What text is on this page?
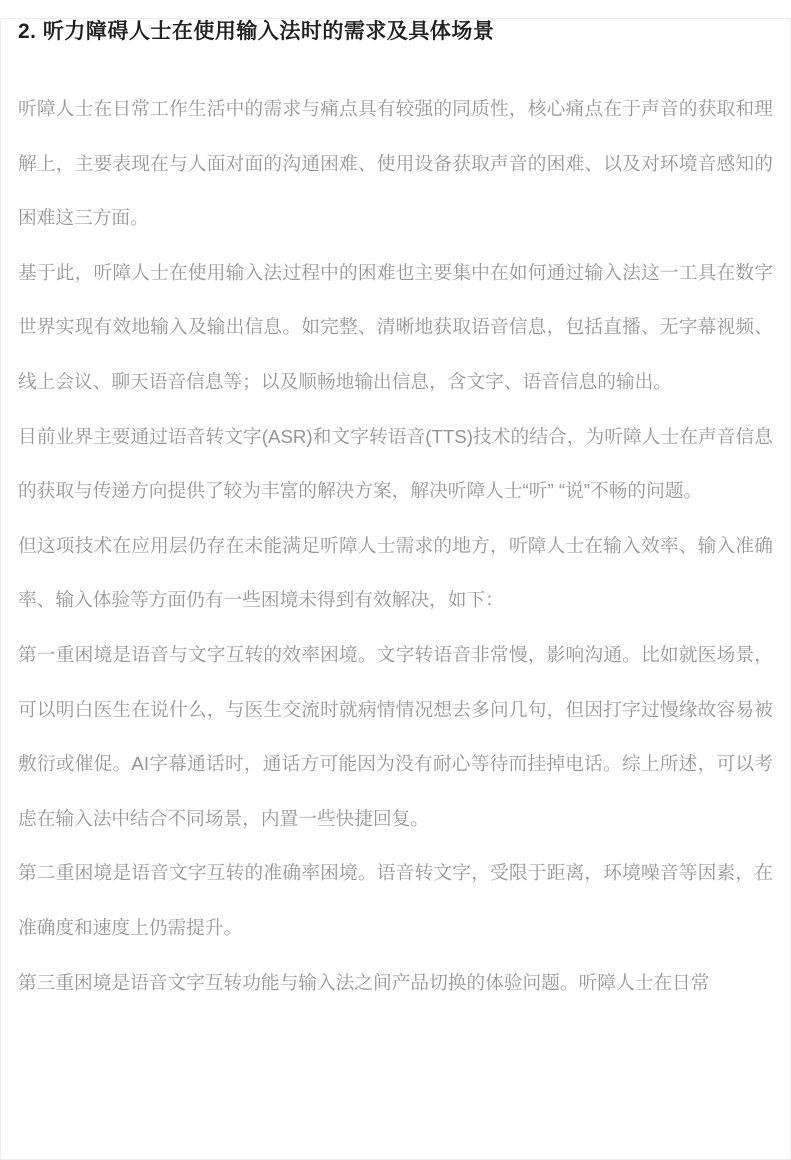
2. 听力障碍人士在使用输入法时的需求及具体场景

听障人士在日常工作生活中的需求与痛点具有较强的同质性，核心痛点在于声音的获取和理解上，主要表现在与人面对面的沟通困难、使用设备获取声音的困难、以及对环境音感知的困难这三方面。

基于此，听障人士在使用输入法过程中的困难也主要集中在如何通过输入法这一工具在数字世界实现有效地输入及输出信息。如完整、清晰地获取语音信息，包括直播、无字幕视频、线上会议、聊天语音信息等；以及顺畅地输出信息，含文字、语音信息的输出。

目前业界主要通过语音转文字(ASR)和文字转语音(TTS)技术的结合，为听障人士在声音信息的获取与传递方向提供了较为丰富的解决方案，解决听障人士“听” “说”不畅的问题。

但这项技术在应用层仍存在未能满足听障人士需求的地方，听障人士在输入效率、输入准确率、输入体验等方面仍有一些困境未得到有效解决，如下：

第一重困境是语音与文字互转的效率困境。文字转语音非常慢，影响沟通。比如就医场景，可以明白医生在说什么，与医生交流时就病情情况想去多问几句，但因打字过慢缘故容易被敷衍或催促。AI字幕通话时，通话方可能因为没有耐心等待而挂掉电话。综上所述，可以考虑在输入法中结合不同场景，内置一些快捷回复。

第二重困境是语音文字互转的准确率困境。语音转文字，受限于距离，环境噪音等因素，在准确度和速度上仍需提升。

第三重困境是语音文字互转功能与输入法之间产品切换的体验问题。听障人士在日常
